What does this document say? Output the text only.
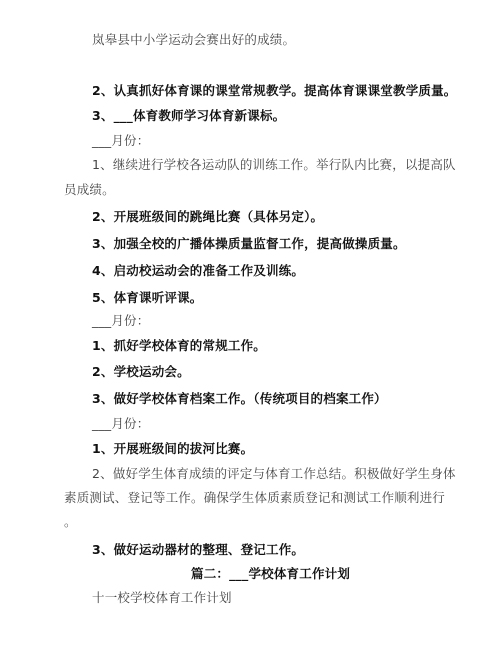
岚皋县中小学运动会赛出好的成绩。
2、认真抓好体育课的课堂常规教学。提高体育课课堂教学质量。
3、___体育教师学习体育新课标。
___月份：
1、继续进行学校各运动队的训练工作。举行队内比赛，以提高队
员成绩。
2、开展班级间的跳绳比赛（具体另定）。
3、加强全校的广播体操质量监督工作，提高做操质量。
4、启动校运动会的准备工作及训练。
5、体育课听评课。
___月份：
1、抓好学校体育的常规工作。
2、学校运动会。
3、做好学校体育档案工作。（传统项目的档案工作）
___月份：
1、开展班级间的拔河比赛。
2、做好学生体育成绩的评定与体育工作总结。积极做好学生身体
素质测试、登记等工作。确保学生体质素质登记和测试工作顺利进行
。
3、做好运动器材的整理、登记工作。
篇二：___学校体育工作计划
十一校学校体育工作计划
